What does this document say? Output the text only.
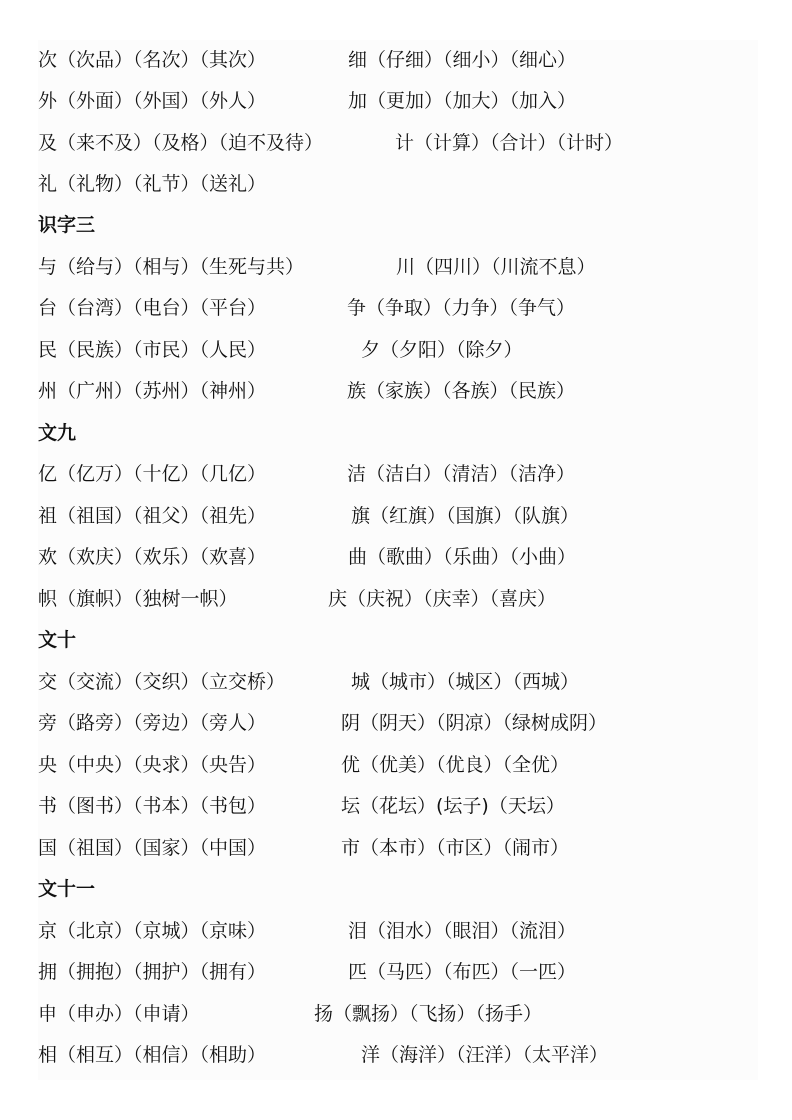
次（次品）（名次）（其次）	细（仔细）（细小）（细心）
外（外面）（外国）（外人）	加（更加）（加大）（加入）
及（来不及）（及格）（迫不及待）	计（计算）（合计）（计时）
礼（礼物）（礼节）（送礼）
识字三
与（给与）（相与）（生死与共）	川（四川）（川流不息）
台（台湾）（电台）（平台）	争（争取）（力争）（争气）
民（民族）（市民）（人民）	夕（夕阳）（除夕）
州（广州）（苏州）（神州）	族（家族）（各族）（民族）
文九
亿（亿万）（十亿）（几亿）	洁（洁白）（清洁）（洁净）
祖（祖国）（祖父）（祖先）	旗（红旗）（国旗）（队旗）
欢（欢庆）（欢乐）（欢喜）	曲（歌曲）（乐曲）（小曲）
帜（旗帜）（独树一帜）	庆（庆祝）（庆幸）（喜庆）
文十
交（交流）（交织）（立交桥）	城（城市）（城区）（西城）
旁（路旁）（旁边）（旁人）	阴（阴天）（阴凉）（绿树成阴）
央（中央）（央求）（央告）	优（优美）（优良）（全优）
书（图书）（书本）（书包）	坛（花坛）(坛子)（天坛）
国（祖国）（国家）（中国）	市（本市）（市区）（闹市）
文十一
京（北京）（京城）（京味）	泪（泪水）（眼泪）（流泪）
拥（拥抱）（拥护）（拥有）	匹（马匹）（布匹）（一匹）
申（申办）（申请）	扬（飘扬）（飞扬）（扬手）
相（相互）（相信）（相助）	洋（海洋）（汪洋）（太平洋）
